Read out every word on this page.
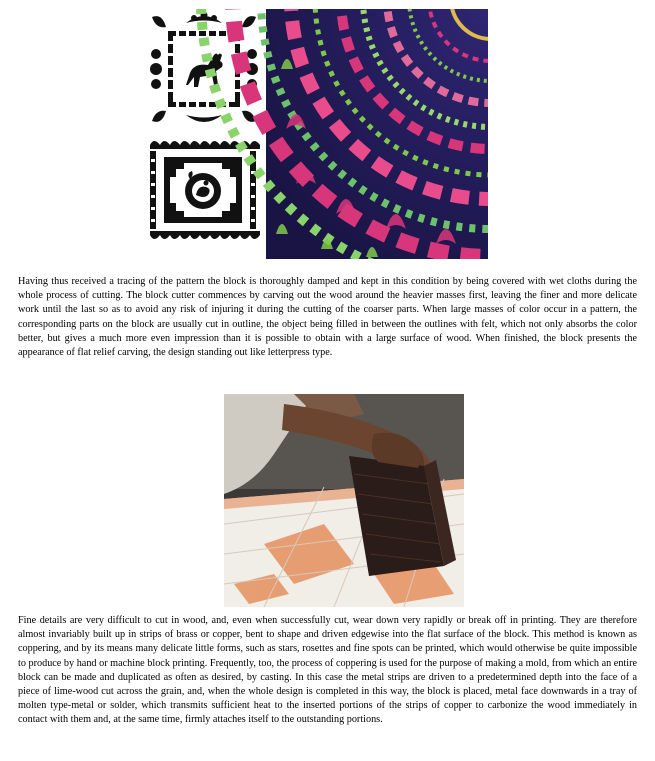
Having thus received a tracing of the pattern the block is thoroughly damped and kept in this condition by being covered with wet cloths during the whole process of cutting. The block cutter commences by carving out the wood around the heavier masses first, leaving the finer and more delicate work until the last so as to avoid any risk of injuring it during the cutting of the coarser parts. When large masses of color occur in a pattern, the corresponding parts on the block are usually cut in outline, the object being filled in between the outlines with felt, which not only absorbs the color better, but gives a much more even impression than it is possible to obtain with a large surface of wood. When finished, the block presents the appearance of flat relief carving, the design standing out like letterpress type.

Fine details are very difficult to cut in wood, and, even when successfully cut, wear down very rapidly or break off in printing. They are therefore almost invariably built up in strips of brass or copper, bent to shape and driven edgewise into the flat surface of the block. This method is known as coppering, and by its means many delicate little forms, such as stars, rosettes and fine spots can be printed, which would otherwise be quite impossible to produce by hand or machine block printing. Frequently, too, the process of coppering is used for the purpose of making a mold, from which an entire block can be made and duplicated as often as desired, by casting. In this case the metal strips are driven to a predetermined depth into the face of a piece of lime-wood cut across the grain, and, when the whole design is completed in this way, the block is placed, metal face downwards in a tray of molten type-metal or solder, which transmits sufficient heat to the inserted portions of the strips of copper to carbonize the wood immediately in contact with them and, at the same time, firmly attaches itself to the outstanding portions.
